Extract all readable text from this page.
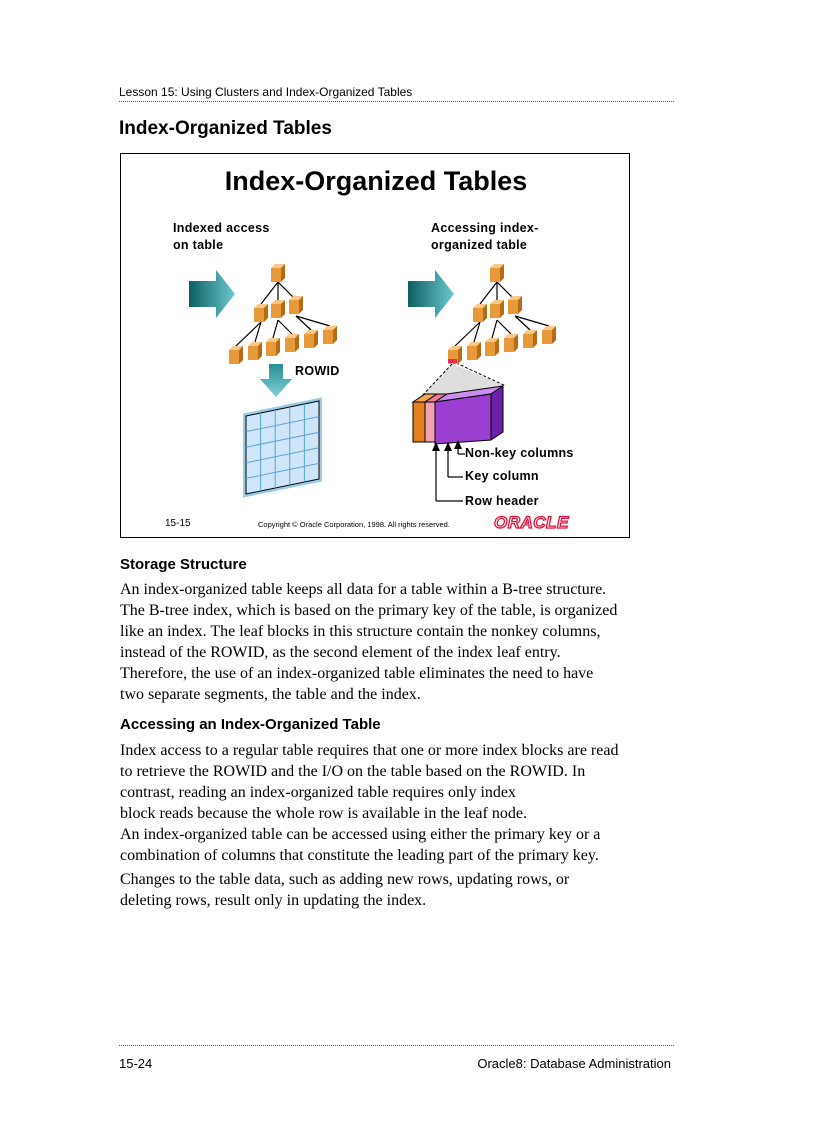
Lesson 15: Using Clusters and Index-Organized Tables
Index-Organized Tables
Index-Organized Tables
Indexed access
on table
Accessing index-
organized table
ROWID
Non-key columns
Key column
Row header
15-15	Copyright © Oracle Corporation, 1998. All rights reserved.	ORACLE
Storage Structure

An index-organized table keeps all data for a table within a B-tree structure. The B-tree index, which is based on the primary key of the table, is organized like an index. The leaf blocks in this structure contain the nonkey columns, instead of the ROWID, as the second element of the index leaf entry. Therefore, the use of an index-organized table eliminates the need to have two separate segments, the table and the index.

Accessing an Index-Organized Table

Index access to a regular table requires that one or more index blocks are read to retrieve the ROWID and the I/O on the table based on the ROWID. In contrast, reading an index-organized table requires only index

block reads because the whole row is available in the leaf node.

An index-organized table can be accessed using either the primary key or a combination of columns that constitute the leading part of the primary key.

Changes to the table data, such as adding new rows, updating rows, or deleting rows, result only in updating the index.

15-24	Oracle8: Database Administration
